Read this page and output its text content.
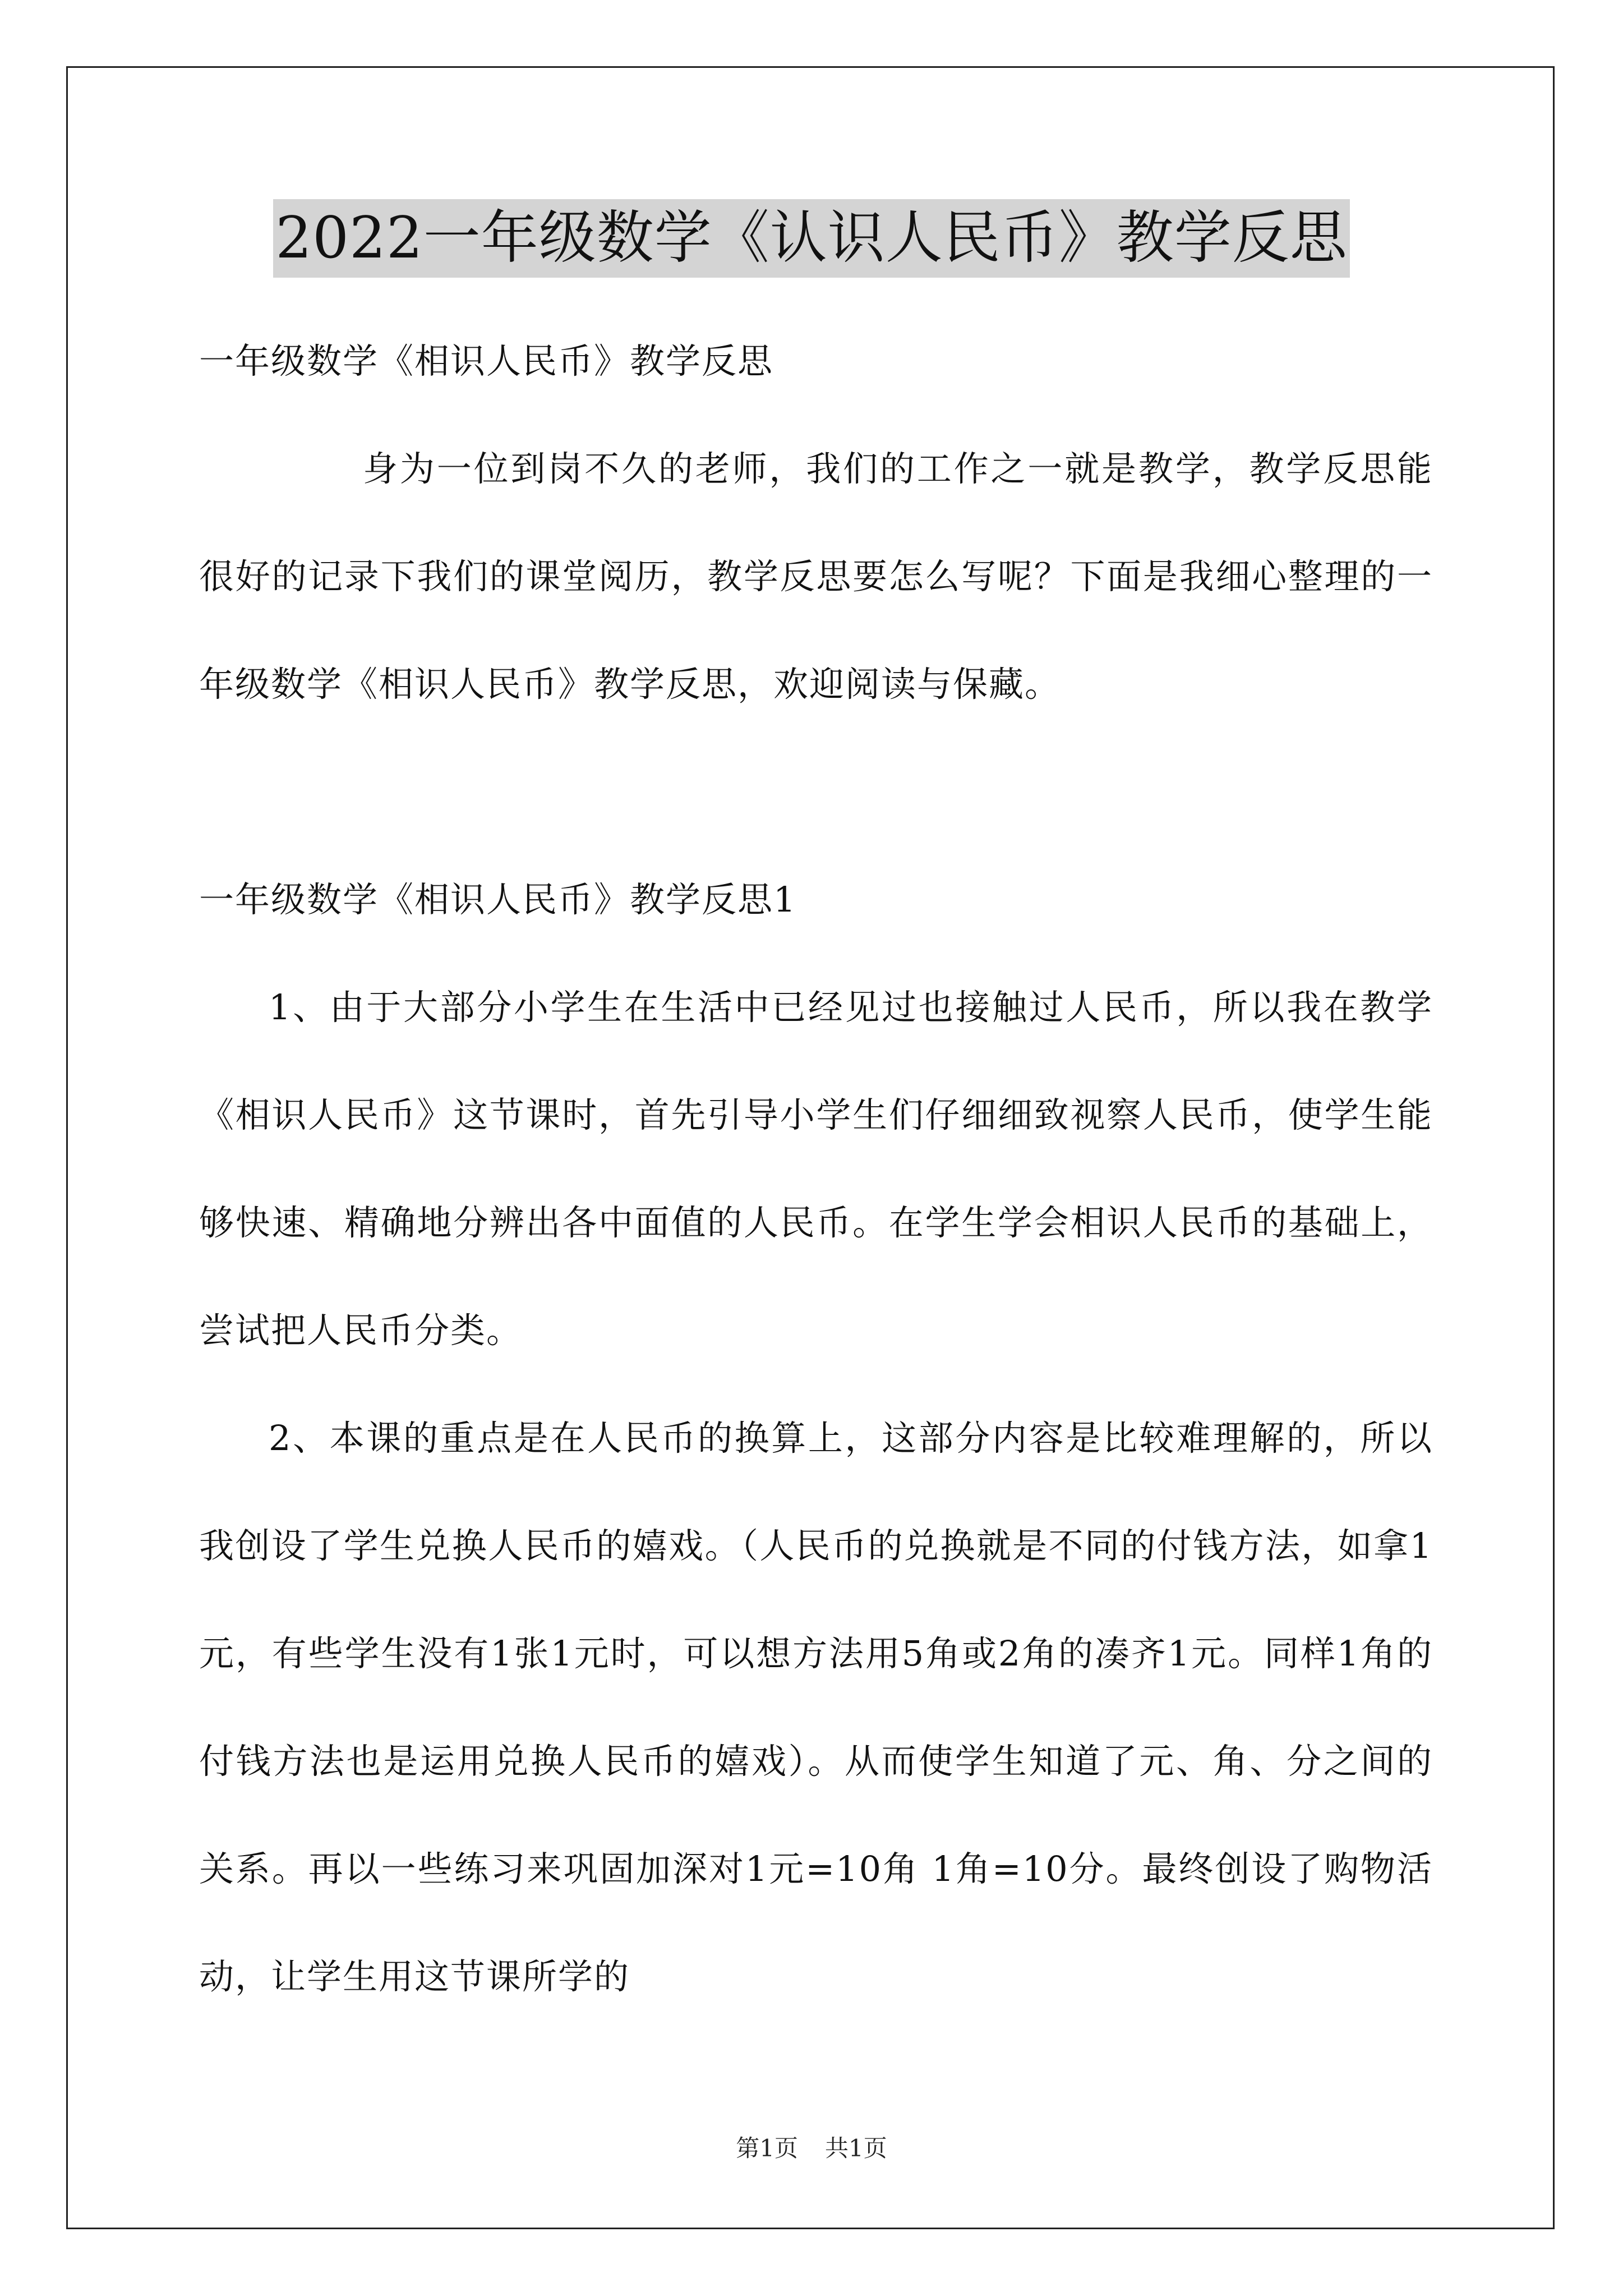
2022一年级数学《认识人民币》教学反思

一年级数学《相识人民币》教学反思

身为一位到岗不久的老师，我们的工作之一就是教学，教学反思能很好的记录下我们的课堂阅历，教学反思要怎么写呢？下面是我细心整理的一年级数学《相识人民币》教学反思，欢迎阅读与保藏。

一年级数学《相识人民币》教学反思1

1、由于大部分小学生在生活中已经见过也接触过人民币，所以我在教学《相识人民币》这节课时，首先引导小学生们仔细细致视察人民币，使学生能够快速、精确地分辨出各中面值的人民币。在学生学会相识人民币的基础上，尝试把人民币分类。

2、本课的重点是在人民币的换算上，这部分内容是比较难理解的，所以我创设了学生兑换人民币的嬉戏。（人民币的兑换就是不同的付钱方法，如拿1元，有些学生没有1张1元时，可以想方法用5角或2角的凑齐1元。同样1角的付钱方法也是运用兑换人民币的嬉戏）。从而使学生知道了元、角、分之间的关系。再以一些练习来巩固加深对1元=10角 1角=10分。最终创设了购物活动，让学生用这节课所学的

第1页 共1页
